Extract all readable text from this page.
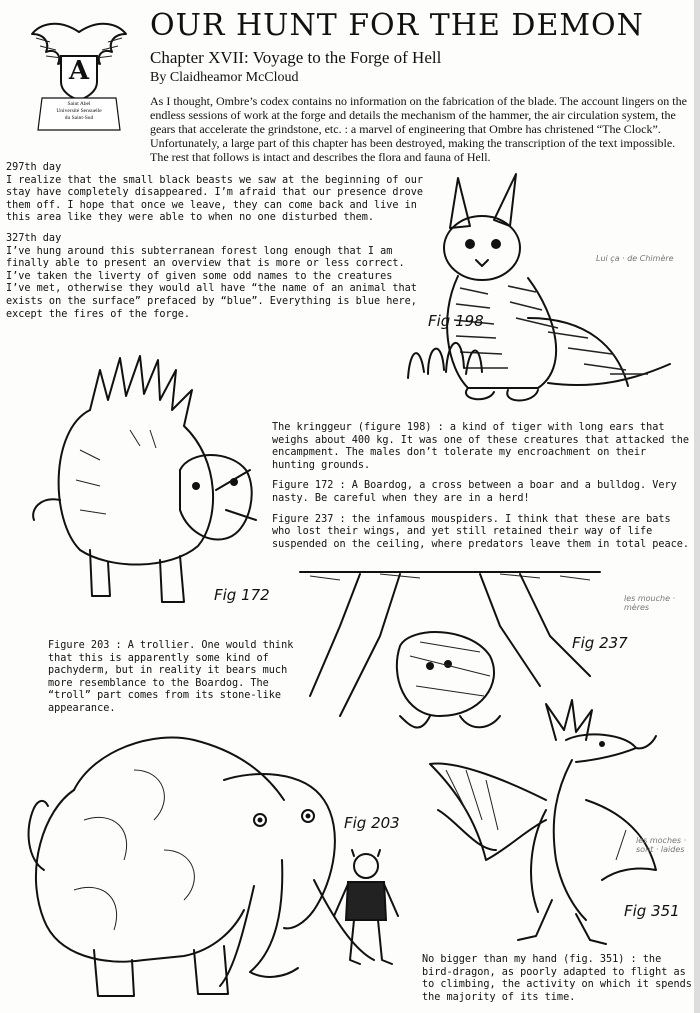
A
Saint Abel
Université Sensuelle
du Saint-Sud
OUR HUNT FOR THE DEMON
Chapter XVII: Voyage to the Forge of Hell
By Claidheamor McCloud
As I thought, Ombre’s codex contains no information on the fabrication of the blade. The account lingers on the endless sessions of work at the forge and details the mechanism of the hammer, the air circulation system, the gears that accelerate the grindstone, etc. : a marvel of engineering that Ombre has christened “The Clock”. Unfortunately, a large part of this chapter has been destroyed, making the transcription of the text impossible. The rest that follows is intact and describes the flora and fauna of Hell.

297th day

I realize that the small black beasts we saw at the beginning of our

stay have completely disappeared. I’m afraid that our presence drove

them off. I hope that once we leave, they can come back and live in

this area like they were able to when no one disturbed them.

327th day

I’ve hung around this subterranean forest long enough that I am

finally able to present an overview that is more or less correct.

I’ve taken the liverty of given some odd names to the creatures

I’ve met, otherwise they would all have “the name of an animal that

exists on the surface” prefaced by “blue”. Everything is blue here,

except the fires of the forge.	Fig 198
Lui ça · de Chimère

The kringgeur (figure 198) : a kind of tiger with long ears that weighs about 400 kg. It was one of these creatures that attacked the encampment. The males don’t tolerate my encroachment on their hunting grounds.

Figure 172 : A Boardog, a cross between a boar and a bulldog. Very nasty. Be careful when they are in a herd!

Figure 237 : the infamous mouspiders. I think that these are bats who lost their wings, and yet still retained their way of life suspended on the ceiling, where predators leave them in total peace.

Fig 172
Fig 237
les mouche · mères
Figure 203 : A trollier. One would think that this is apparently some kind of pachyderm, but in reality it bears much more resemblance to the Boardog. The “troll” part comes from its stone-like appearance.
Fig 203
Fig 351
les moches · sont · laides
No bigger than my hand (fig. 351) : the bird-dragon, as poorly adapted to flight as to climbing, the activity on which it spends the majority of its time.
